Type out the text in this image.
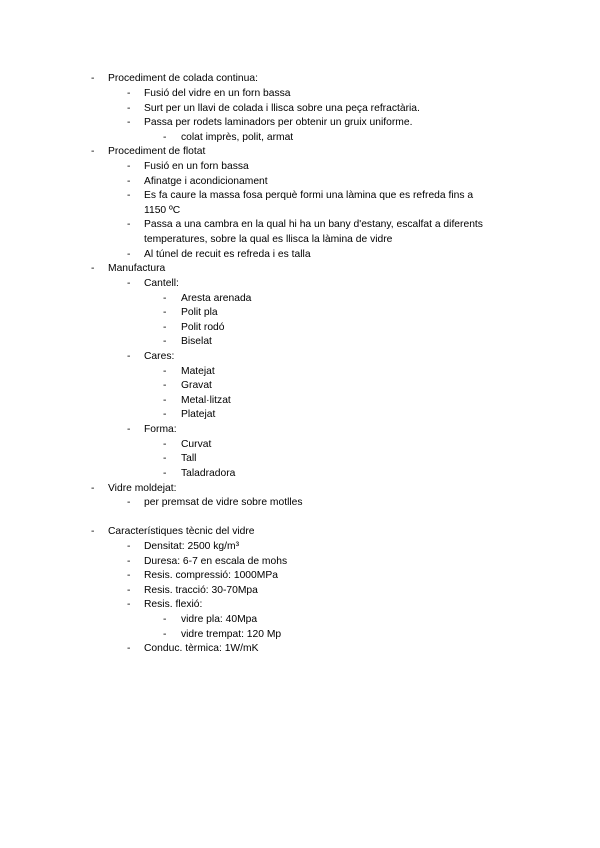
- Procediment de colada continua:
- Fusió del vidre en un forn bassa
- Surt per un llavi de colada i llisca sobre una peça refractària.
- Passa per rodets laminadors per obtenir un gruix uniforme.
- colat imprès, polit, armat
- Procediment de flotat
- Fusió en un forn bassa
- Afinatge i acondicionament
- Es fa caure la massa fosa perquè formi una làmina que es refreda fins a
1150 ºC
- Passa a una cambra en la qual hi ha un bany d'estany, escalfat a diferents
temperatures, sobre la qual es llisca la làmina de vidre
- Al túnel de recuit es refreda i es talla
- Manufactura
- Cantell:
- Aresta arenada
- Polit pla
- Polit rodó
- Biselat
- Cares:
- Matejat
- Gravat
- Metal·litzat
- Platejat
- Forma:
- Curvat
- Tall
- Taladradora
- Vidre moldejat:
- per premsat de vidre sobre motlles
- Característiques tècnic del vidre
- Densitat: 2500 kg/m³
- Duresa: 6-7 en escala de mohs
- Resis. compressió: 1000MPa
- Resis. tracció: 30-70Mpa
- Resis. flexió:
- vidre pla: 40Mpa
- vidre trempat: 120 Mp
- Conduc. tèrmica: 1W/mK
